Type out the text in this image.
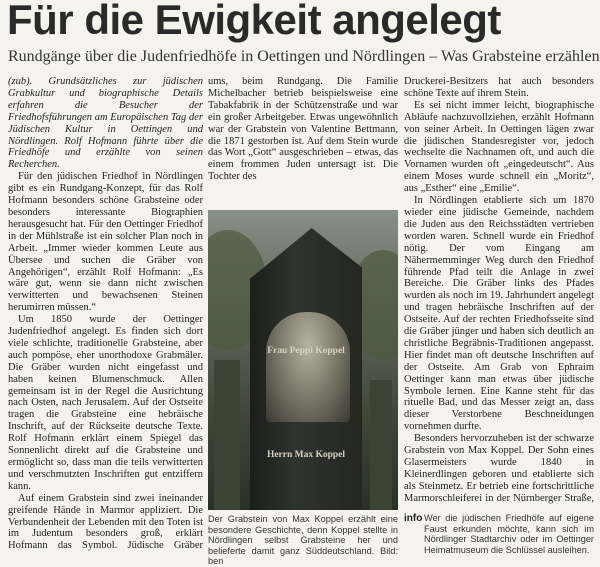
Für die Ewigkeit angelegt
Rundgänge über die Judenfriedhöfe in Oettingen und Nördlingen – Was Grabsteine erzählen

(zub). Grundsätzliches zur jüdischen Grabkultur und biographische Details erfahren die Besucher der Friedhofsführungen am Europäischen Tag der Jüdischen Kultur in Oettingen und Nördlingen. Rolf Hofmann führte über die Friedhöfe und erzählte von seinen Recherchen.

Für den jüdischen Friedhof in Nördlingen gibt es ein Rundgang-Konzept, für das Rolf Hofmann besonders schöne Grabsteine oder besonders interessante Biographien herausgesucht hat. Für den Oettinger Friedhof in der Mühlstraße ist ein solcher Plan noch in Arbeit. „Immer wieder kommen Leute aus Übersee und suchen die Gräber von Angehörigen“, erzählt Rolf Hofmann: „Es wäre gut, wenn sie dann nicht zwischen verwitterten und bewachsenen Steinen herumirren müssen.“

Um 1850 wurde der Oettinger Judenfriedhof angelegt. Es finden sich dort viele schlichte, traditionelle Grabsteine, aber auch pompöse, eher unorthodoxe Grabmäler. Die Gräber wurden nicht eingefasst und haben keinen Blumenschmuck. Allen gemeinsam ist in der Regel die Ausrichtung nach Osten, nach Jerusalem. Auf der Ostseite tragen die Grabsteine eine hebräische Inschrift, auf der Rückseite deutsche Texte. Rolf Hofmann erklärt einem Spiegel das Sonnenlicht direkt auf die Grabsteine und ermöglicht so, dass man die teils verwitterten und verschmutzten Inschriften gut entziffern kann.

Auf einem Grabstein sind zwei ineinander greifende Hände in Marmor appliziert. Die Verbundenheit der Lebenden mit den Toten ist im Judentum besonders groß, erklärt Hofmann das Symbol. Jüdische Gräber

ums, beim Rundgang. Die Familie Michelbacher betrieb beispielsweise eine Tabakfabrik in der Schützenstraße und war ein großer Arbeitgeber. Etwas ungewöhnlich war der Grabstein von Valentine Bettmann, die 1871 gestorben ist. Auf dem Stein wurde das Wort „Gott“ ausgeschrieben – etwas, das einem frommen Juden untersagt ist. Die Tochter des

Frau Peppi Koppel
Herrn Max Koppel
Der Grabstein von Max Koppel erzählt eine besondere Geschichte, denn Koppel stellte in Nördlingen selbst Grabsteine her und belieferte damit ganz Süddeutschland. Bild: ben

Druckerei-Besitzers hat auch besonders schöne Texte auf ihrem Stein.

Es sei nicht immer leicht, biographische Abläufe nachzuvollziehen, erzählt Hofmann von seiner Arbeit. In Oettingen lägen zwar die jüdischen Standesregister vor, jedoch wechselte die Nachnamen oft, und auch die Vornamen wurden oft „eingedeutscht“. Aus einem Moses wurde schnell ein „Moritz“, aus „Esther“ eine „Emilie“.

In Nördlingen etablierte sich um 1870 wieder eine jüdische Gemeinde, nachdem die Juden aus den Reichsstädten vertrieben worden waren. Schnell wurde ein Friedhof nötig. Der vom Eingang am Nähermemminger Weg durch den Friedhof führende Pfad teilt die Anlage in zwei Bereiche. Die Gräber links des Pfades wurden als noch im 19. Jahrhundert angelegt und tragen hebräische Inschriften auf der Ostseite. Auf der rechten Friedhofsseite sind die Gräber jünger und haben sich deutlich an christliche Begräbnis-Traditionen angepasst. Hier findet man oft deutsche Inschriften auf der Ostseite. Am Grab von Ephraim Oettinger kann man etwas über jüdische Symbole lernen. Eine Kanne steht für das rituelle Bad, und das Messer zeigt an, dass dieser Verstorbene Beschneidungen vornehmen durfte.

Besonders hervorzuheben ist der schwarze Grabstein von Max Koppel. Der Sohn eines Glasermeisters wurde 1840 in Kleinerdlingen geboren und etablierte sich als Steinmetz. Er betrieb eine fortschrittliche Marmorschleiferei in der Nürnberger Straße,

info Wer die jüdischen Friedhöfe auf eigene Faust erkunden möchte, kann sich im Nördlinger Stadtarchiv oder im Oettinger Heimatmuseum die Schlüssel ausleihen.
